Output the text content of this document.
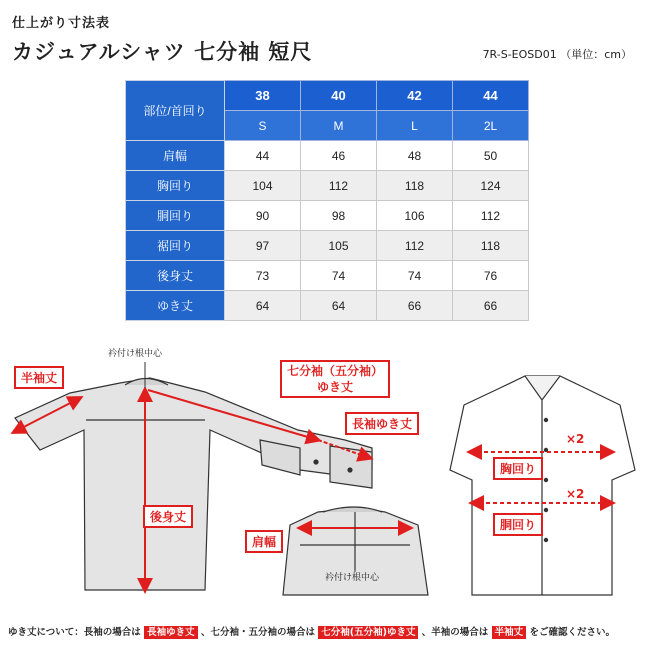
仕上がり寸法表
カジュアルシャツ 七分袖 短尺	7R-S-EOSD01 （単位：cm）
部位/首回り	38	40	42	44
	S	M	L	2L
肩幅	44	46	48	50
胸回り	104	112	118	124
胴回り	90	98	106	112
裾回り	97	105	112	118
後身丈	73	74	74	76
ゆき丈	64	64	66	66
衿付け根中心
半袖丈	七分袖（五分袖）
ゆき丈
長袖ゆき丈
後身丈
肩幅
衿付け根中心
胸回り
胴回り
×2
×2
ゆき丈について：長袖の場合は 長袖ゆき丈 、七分袖・五分袖の場合は 七分袖(五分袖)ゆき丈 、半袖の場合は 半袖丈 をご確認ください。
